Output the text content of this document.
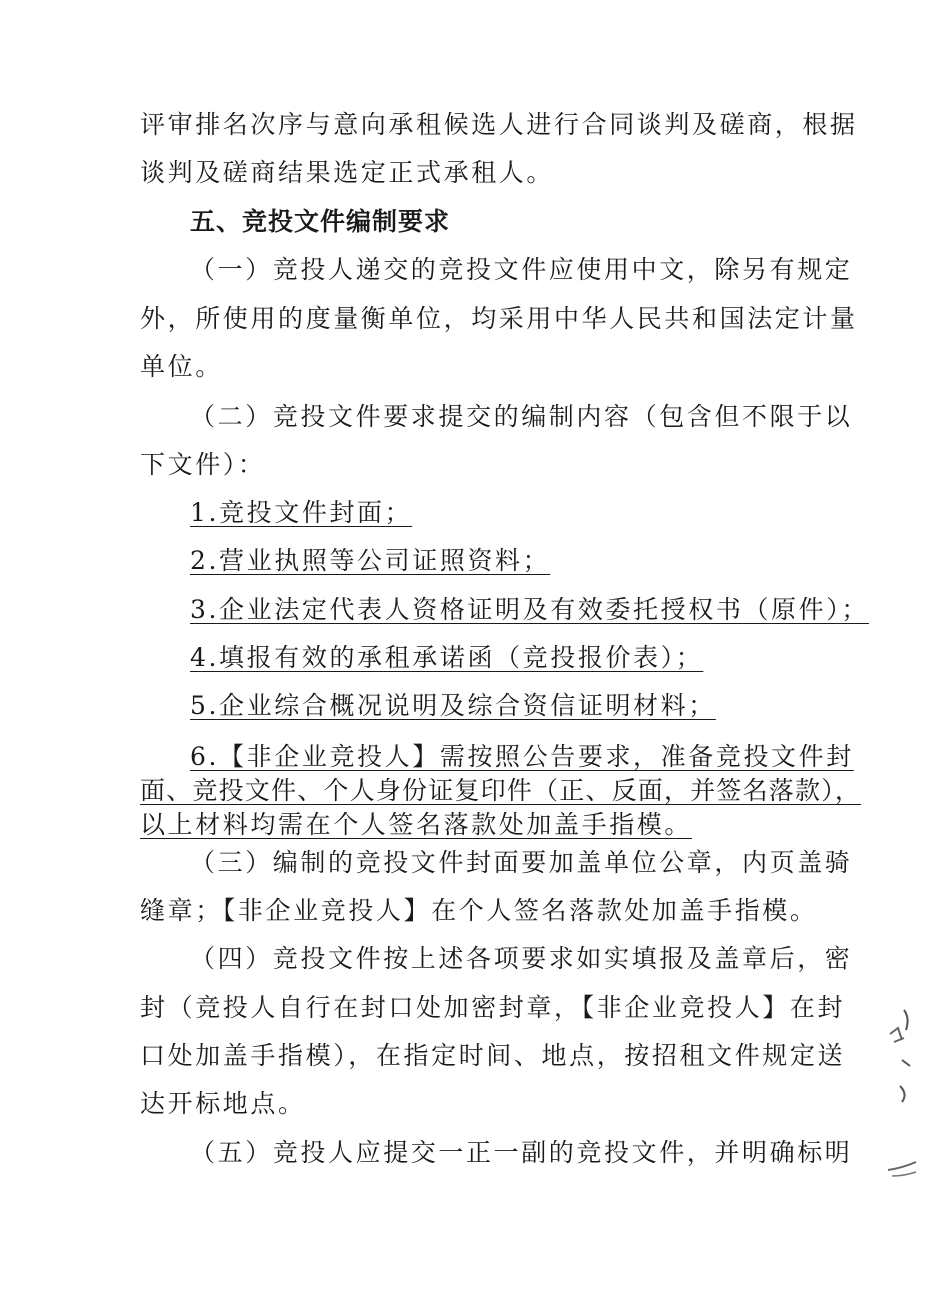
评审排名次序与意向承租候选人进行合同谈判及磋商，根据
谈判及磋商结果选定正式承租人。
五、竞投文件编制要求
（一）竞投人递交的竞投文件应使用中文，除另有规定
外，所使用的度量衡单位，均采用中华人民共和国法定计量
单位。
（二）竞投文件要求提交的编制内容（包含但不限于以
下文件）：
1.竞投文件封面；
2.营业执照等公司证照资料；
3.企业法定代表人资格证明及有效委托授权书（原件）；
4.填报有效的承租承诺函（竞投报价表）；
5.企业综合概况说明及综合资信证明材料；
6.【非企业竞投人】需按照公告要求，准备竞投文件封
面、竞投文件、个人身份证复印件（正、反面，并签名落款），
以上材料均需在个人签名落款处加盖手指模。
（三）编制的竞投文件封面要加盖单位公章，内页盖骑
缝章；【非企业竞投人】在个人签名落款处加盖手指模。
（四）竞投文件按上述各项要求如实填报及盖章后，密
封（竞投人自行在封口处加密封章，【非企业竞投人】在封
口处加盖手指模），在指定时间、地点，按招租文件规定送
达开标地点。
（五）竞投人应提交一正一副的竞投文件，并明确标明
